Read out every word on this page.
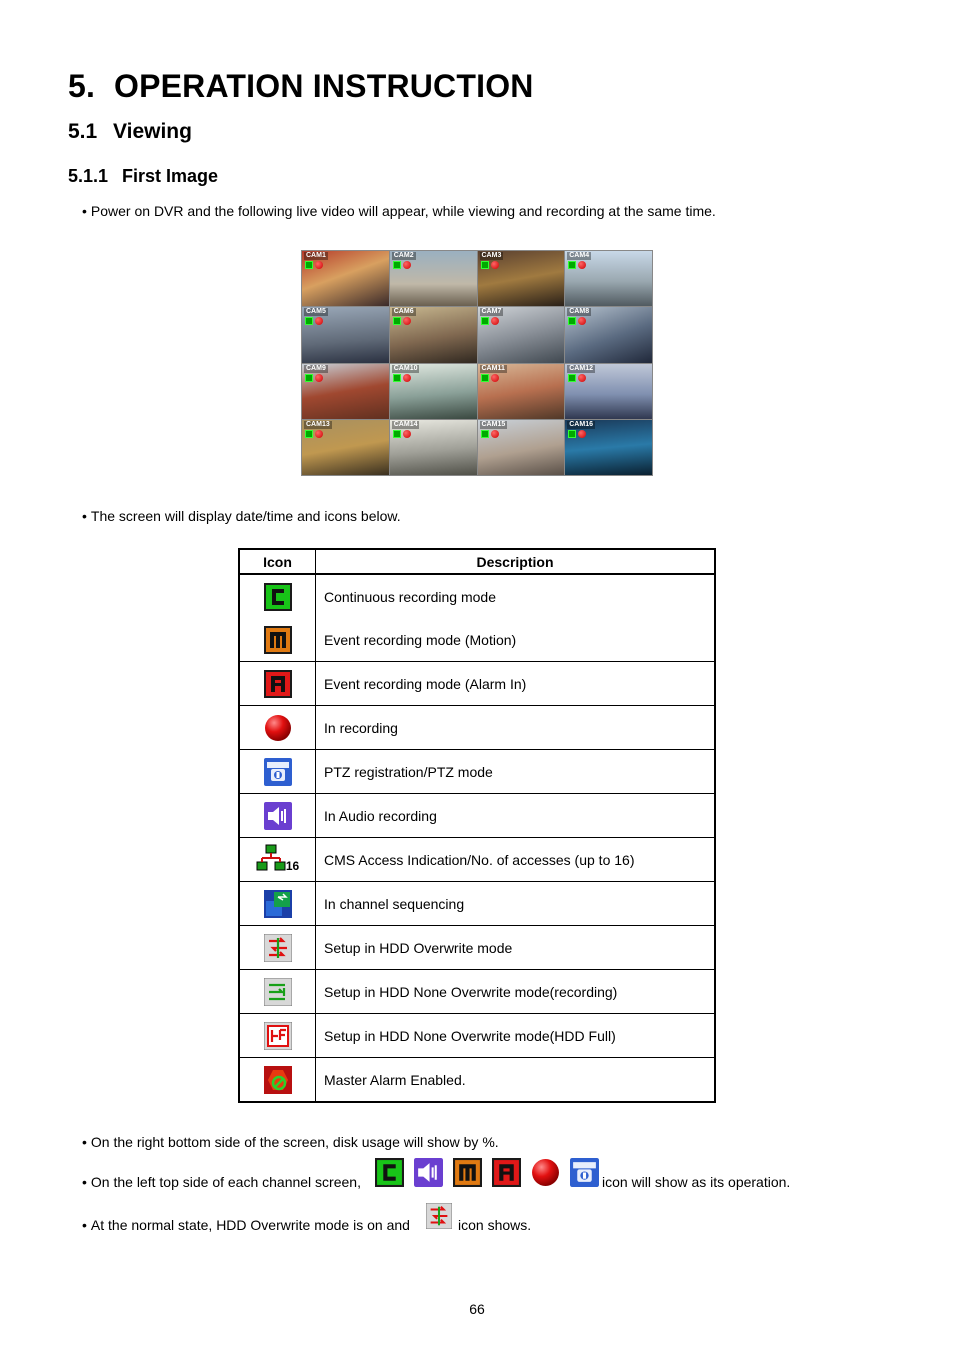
5. OPERATION INSTRUCTION
5.1 Viewing
5.1.1 First Image
• Power on DVR and the following live video will appear, while viewing and recording at the same time.
CAM1	CAM2	CAM3	CAM4
CAM5	CAM6	CAM7	CAM8
CAM9	CAM10	CAM11	CAM12
CAM13	CAM14	CAM15	CAM16
• The screen will display date/time and icons below.
Icon	Description

	Continuous recording mode

	Event recording mode (Motion)

	Event recording mode (Alarm In)

	In recording

	PTZ registration/PTZ mode

	In Audio recording

16	CMS Access Indication/No. of accesses (up to 16)

	In channel sequencing

	Setup in HDD Overwrite mode

	Setup in HDD None Overwrite mode(recording)

	Setup in HDD None Overwrite mode(HDD Full)

	Master Alarm Enabled.
• On the right bottom side of the screen, disk usage will show by %.
• On the left top side of each channel screen,	icon will show as its operation.
• At the normal state, HDD Overwrite mode is on and	icon shows.
66
